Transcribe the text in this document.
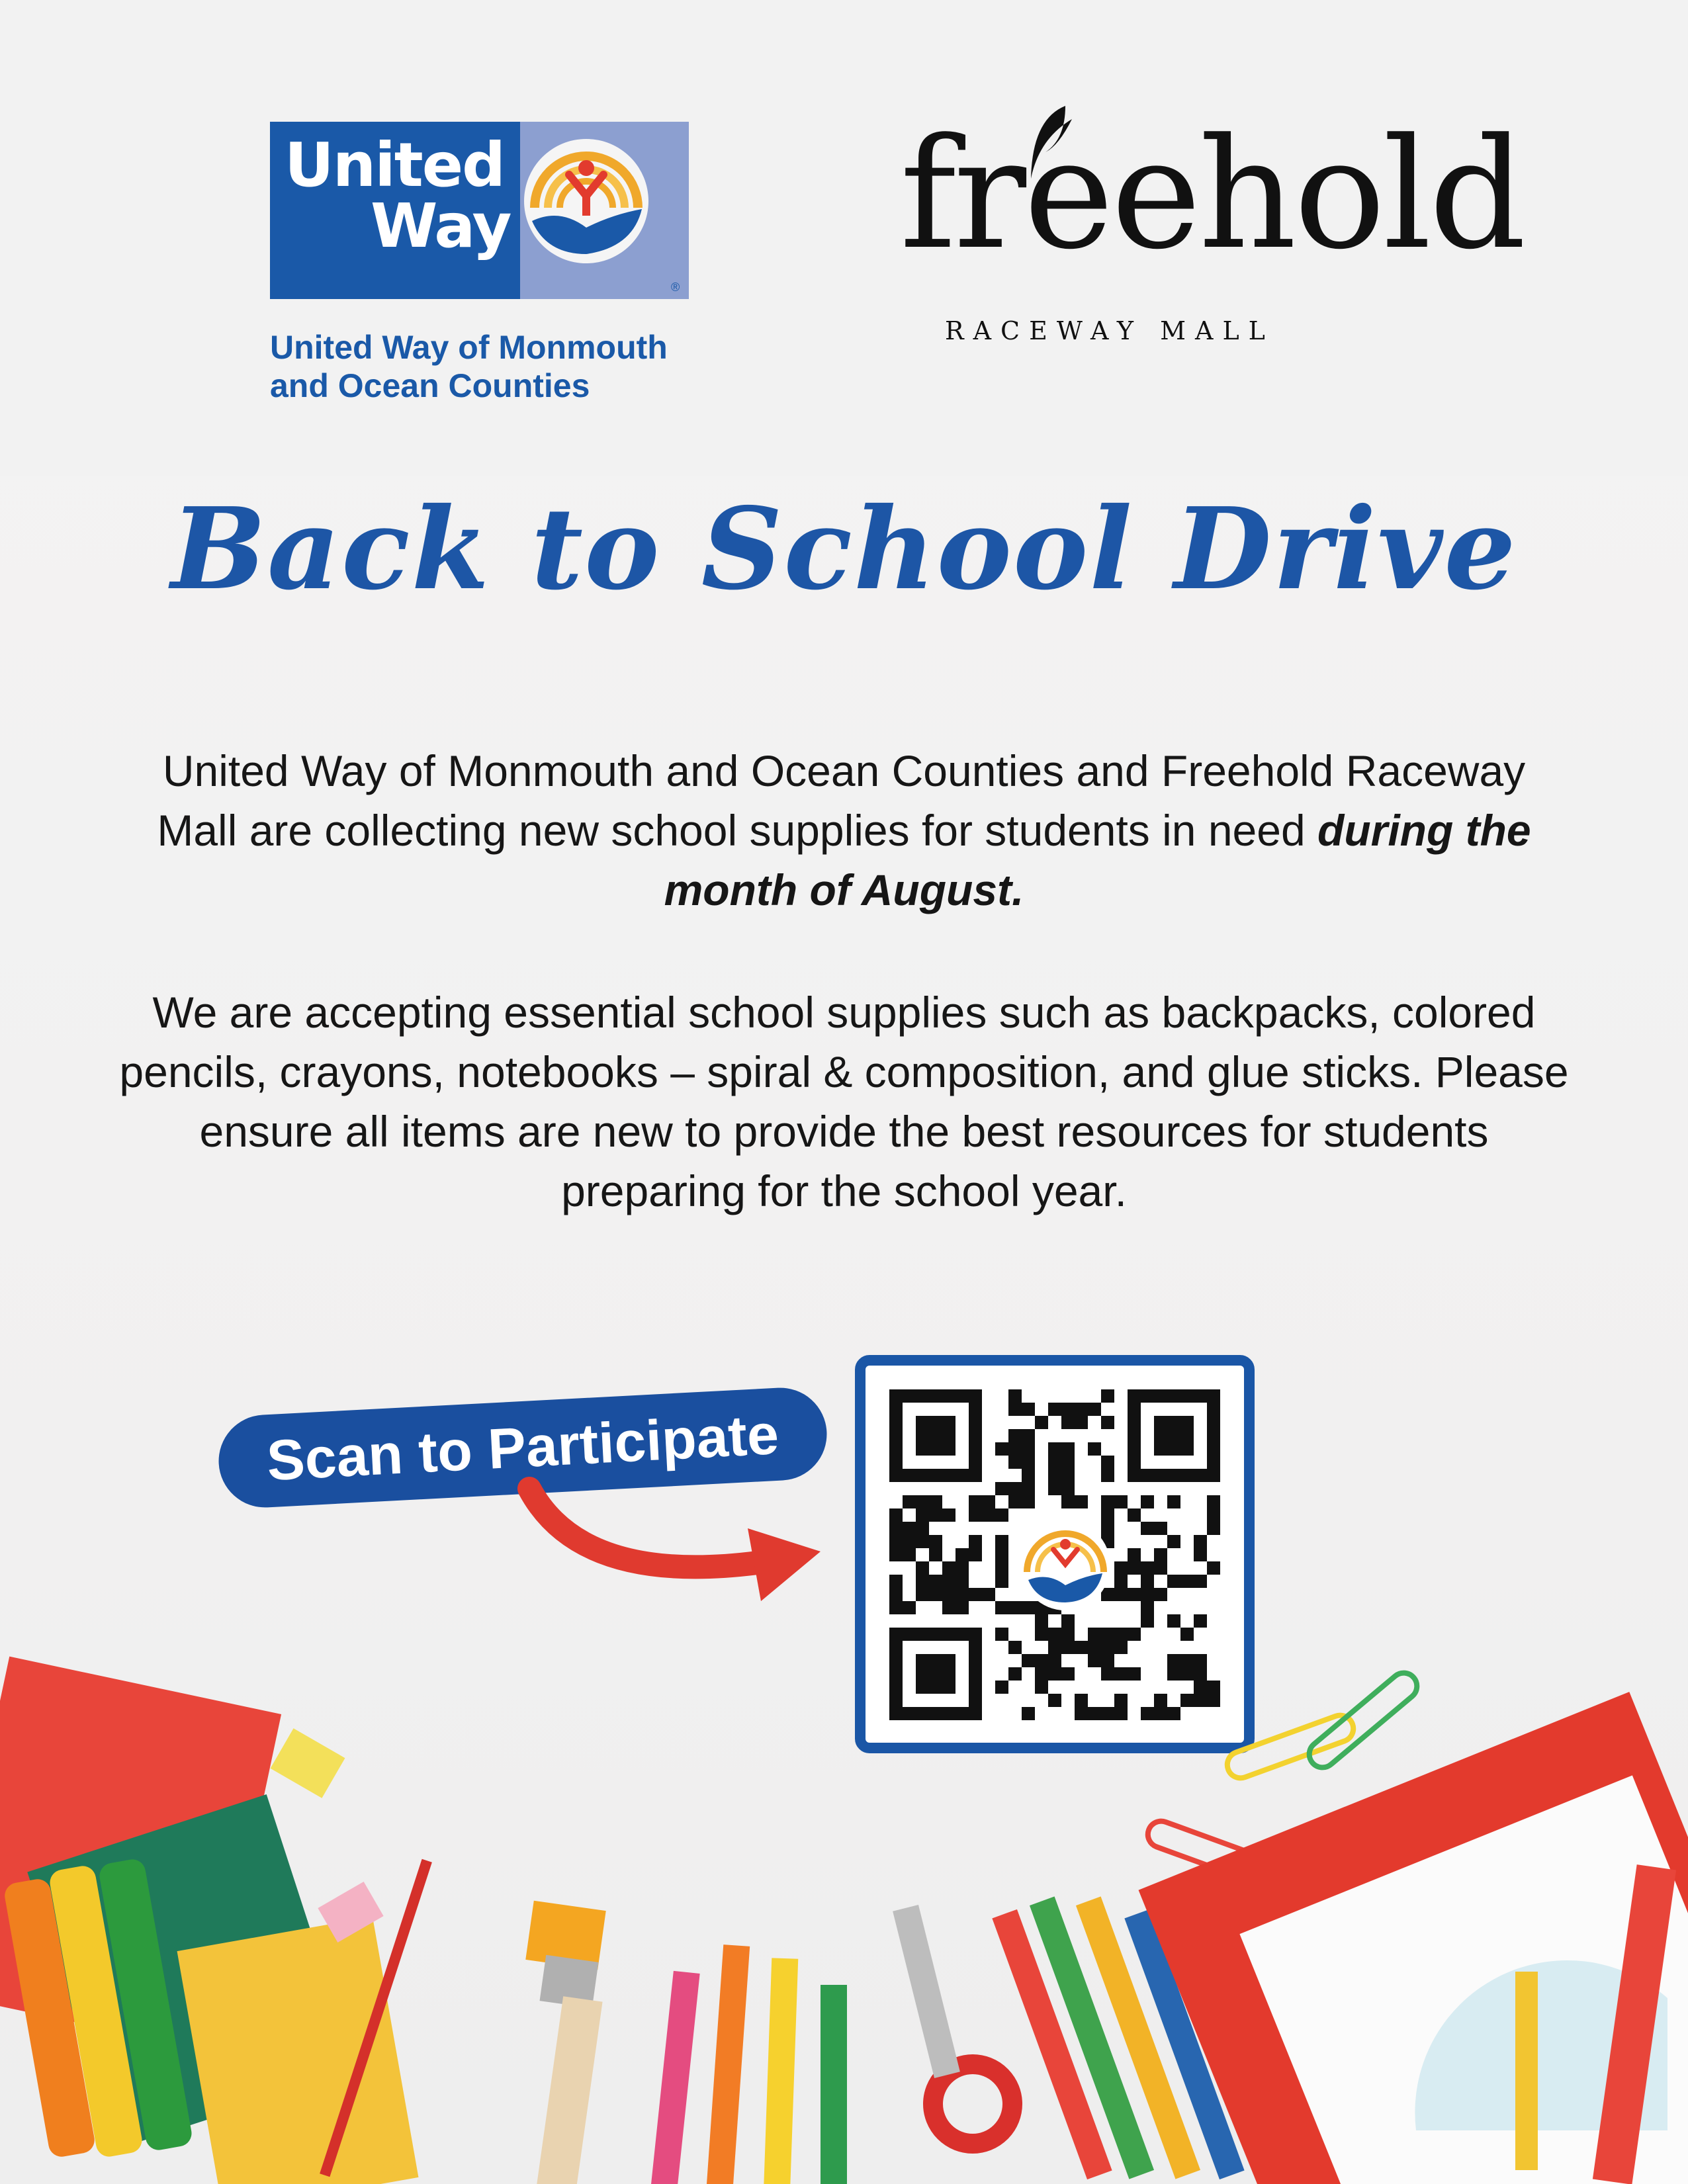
United
Way
®
United Way of Monmouth
and Ocean Counties
freehold
RACEWAY MALL
Back to School Drive
United Way of Monmouth and Ocean Counties and Freehold Raceway Mall are collecting new school supplies for students in need during the month of August.
We are accepting essential school supplies such as backpacks, colored pencils, crayons, notebooks – spiral & composition, and glue sticks. Please ensure all items are new to provide the best resources for students preparing for the school year.
Scan to Participate
